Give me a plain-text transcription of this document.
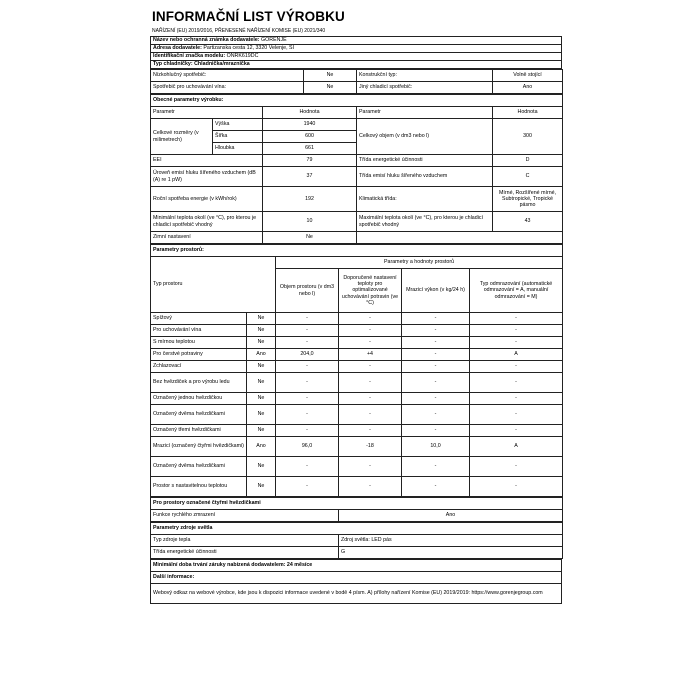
INFORMAČNÍ LIST VÝROBKU
NAŘÍZENÍ (EU) 2019/2016, PŘENESENÉ NAŘÍZENÍ KOMISE (EU) 2021/340
Název nebo ochranná známka dodavatele: GORENJE
Adresa dodavatele: Partizanska cesta 12, 3320 Velenje, SI
Identifikační značka modelu: ONRK619DC
Typ chladničky: Chladnička/mraznička
Nízkohlučný spotřebič:	Ne	Konstrukční typ:	Volně stojící
Spotřebič pro uchovávání vína:	Ne	Jiný chladicí spotřebič:	Ano
Obecné parametry výrobku:				
Parametr		Hodnota	Parametr	Hodnota
Celkové rozměry (v milimetrech)	Výška	1940	Celkový objem (v dm3 nebo l)	300
	Šířka	600		
	Hloubka	661		
EEI		79	Třída energetické účinnosti	D
Úroveň emisí hluku šířeného vzduchem (dB (A) re 1 pW)		37	Třída emisí hluku šířeného vzduchem	C
Roční spotřeba energie (v kWh/rok)		192	Klimatická třída:	Mírné, Rozšířené mírné, Subtropické, Tropické pásmo
Minimální teplota okolí (ve °C), pro kterou je chladicí spotřebič vhodný		10	Maximální teplota okolí (ve °C), pro kterou je chladicí spotřebič vhodný	43
Zimní nastavení		Ne		
Parametry prostorů:					
Typ prostoru		Parametry a hodnoty prostorů			
		Objem prostoru (v dm3 nebo l)	Doporučené nastavení teploty pro optimalizované uchovávání potravin (ve °C)	Mrazicí výkon (v kg/24 h)	Typ odmrazování (automatické odmrazování = A, manuální odmrazování = M)
Spížový	Ne	-	-	-	-
Pro uchovávání vína	Ne	-	-	-	-
S mírnou teplotou	Ne	-	-	-	-
Pro čerstvé potraviny	Ano	204,0	+4	-	A
Zchlazovací	Ne	-	-	-	-
Bez hvězdiček a pro výrobu ledu	Ne	-	-	-	-
Označený jednou hvězdičkou	Ne	-	-	-	-
Označený dvěma hvězdičkami	Ne	-	-	-	-
Označený třemi hvězdičkami	Ne	-	-	-	-
Mrazicí (označený čtyřmi hvězdičkami)	Ano	96,0	-18	10,0	A
Označený dvěma hvězdičkami	Ne	-	-	-	-
Prostor s nastavitelnou teplotou	Ne	-	-	-	-
Pro prostory označené čtyřmi hvězdičkami
Funkce rychlého zmrazení	Ano
Parametry zdroje světla	
Typ zdroje tepla	Zdroj světla: LED pás
Třída energetické účinnosti	G
Minimální doba trvání záruky nabízená dodavatelem: 24 měsíce
Další informace:
Webový odkaz na webové výrobce, kde jsou k dispozici informace uvedené v bodě 4 písm. A) přílohy nařízení Komise (EU) 2019/2019: https://www.gorenjegroup.com
